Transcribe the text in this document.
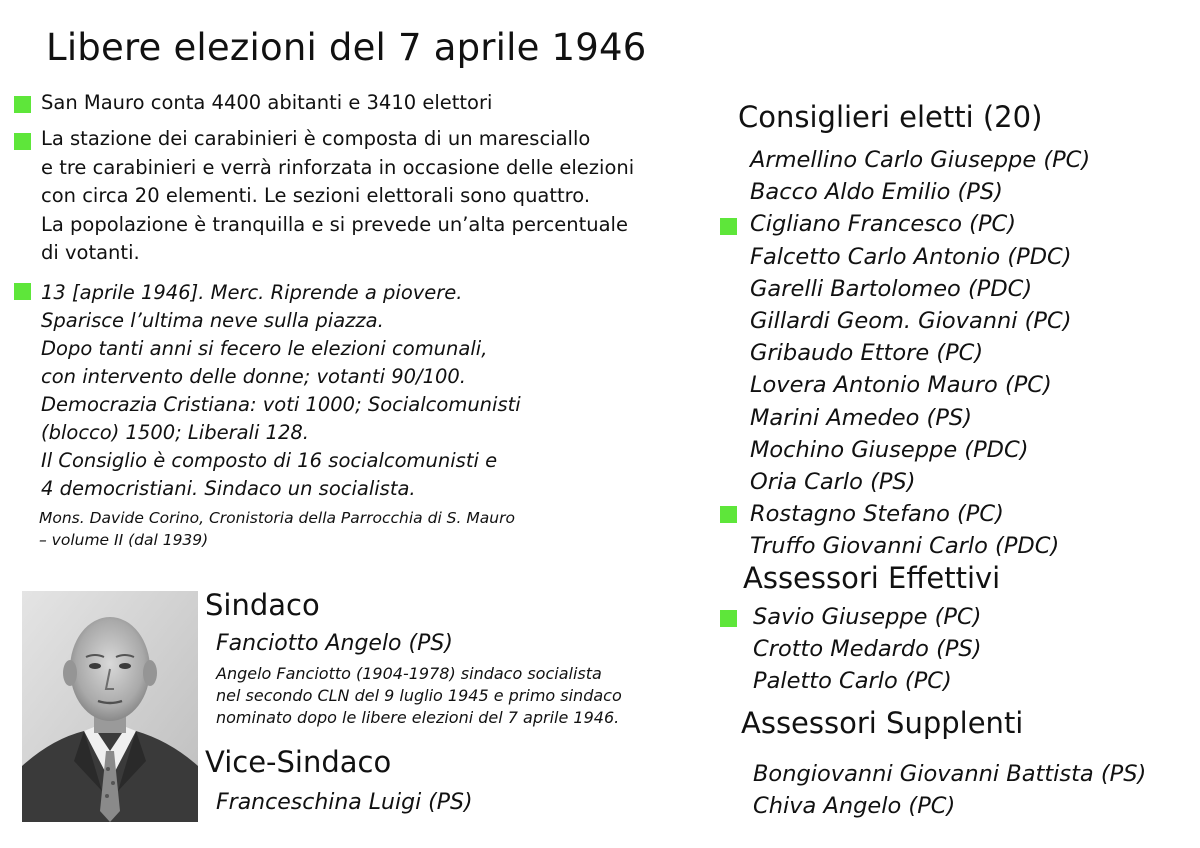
Libere elezioni del 7 aprile 1946
San Mauro conta 4400 abitanti e 3410 elettori
La stazione dei carabinieri è composta di un maresciallo
e tre carabinieri e verrà rinforzata in occasione delle elezioni
con circa 20 elementi. Le sezioni elettorali sono quattro.
La popolazione è tranquilla e si prevede un’alta percentuale
di votanti.
13 [aprile 1946]. Merc. Riprende a piovere.
Sparisce l’ultima neve sulla piazza.
Dopo tanti anni si fecero le elezioni comunali,
con intervento delle donne; votanti 90/100.
Democrazia Cristiana: voti 1000; Socialcomunisti
(blocco) 1500; Liberali 128.
Il Consiglio è composto di 16 socialcomunisti e
4 democristiani. Sindaco un socialista.
Mons. Davide Corino, Cronistoria della Parrocchia di S. Mauro
– volume II (dal 1939)
Sindaco
Fanciotto Angelo (PS)
Angelo Fanciotto (1904-1978) sindaco socialista
nel secondo CLN del 9 luglio 1945 e primo sindaco
nominato dopo le libere elezioni del 7 aprile 1946.
Vice-Sindaco
Franceschina Luigi (PS)
Consiglieri eletti (20)
Armellino Carlo Giuseppe (PC)
Bacco Aldo Emilio (PS)
Cigliano Francesco (PC)
Falcetto Carlo Antonio (PDC)
Garelli Bartolomeo (PDC)
Gillardi Geom. Giovanni (PC)
Gribaudo Ettore (PC)
Lovera Antonio Mauro (PC)
Marini Amedeo (PS)
Mochino Giuseppe (PDC)
Oria Carlo (PS)
Rostagno Stefano (PC)
Truffo Giovanni Carlo (PDC)
Assessori Effettivi
Savio Giuseppe (PC)
Crotto Medardo (PS)
Paletto Carlo (PC)
Assessori Supplenti
Bongiovanni Giovanni Battista (PS)
Chiva Angelo (PC)
